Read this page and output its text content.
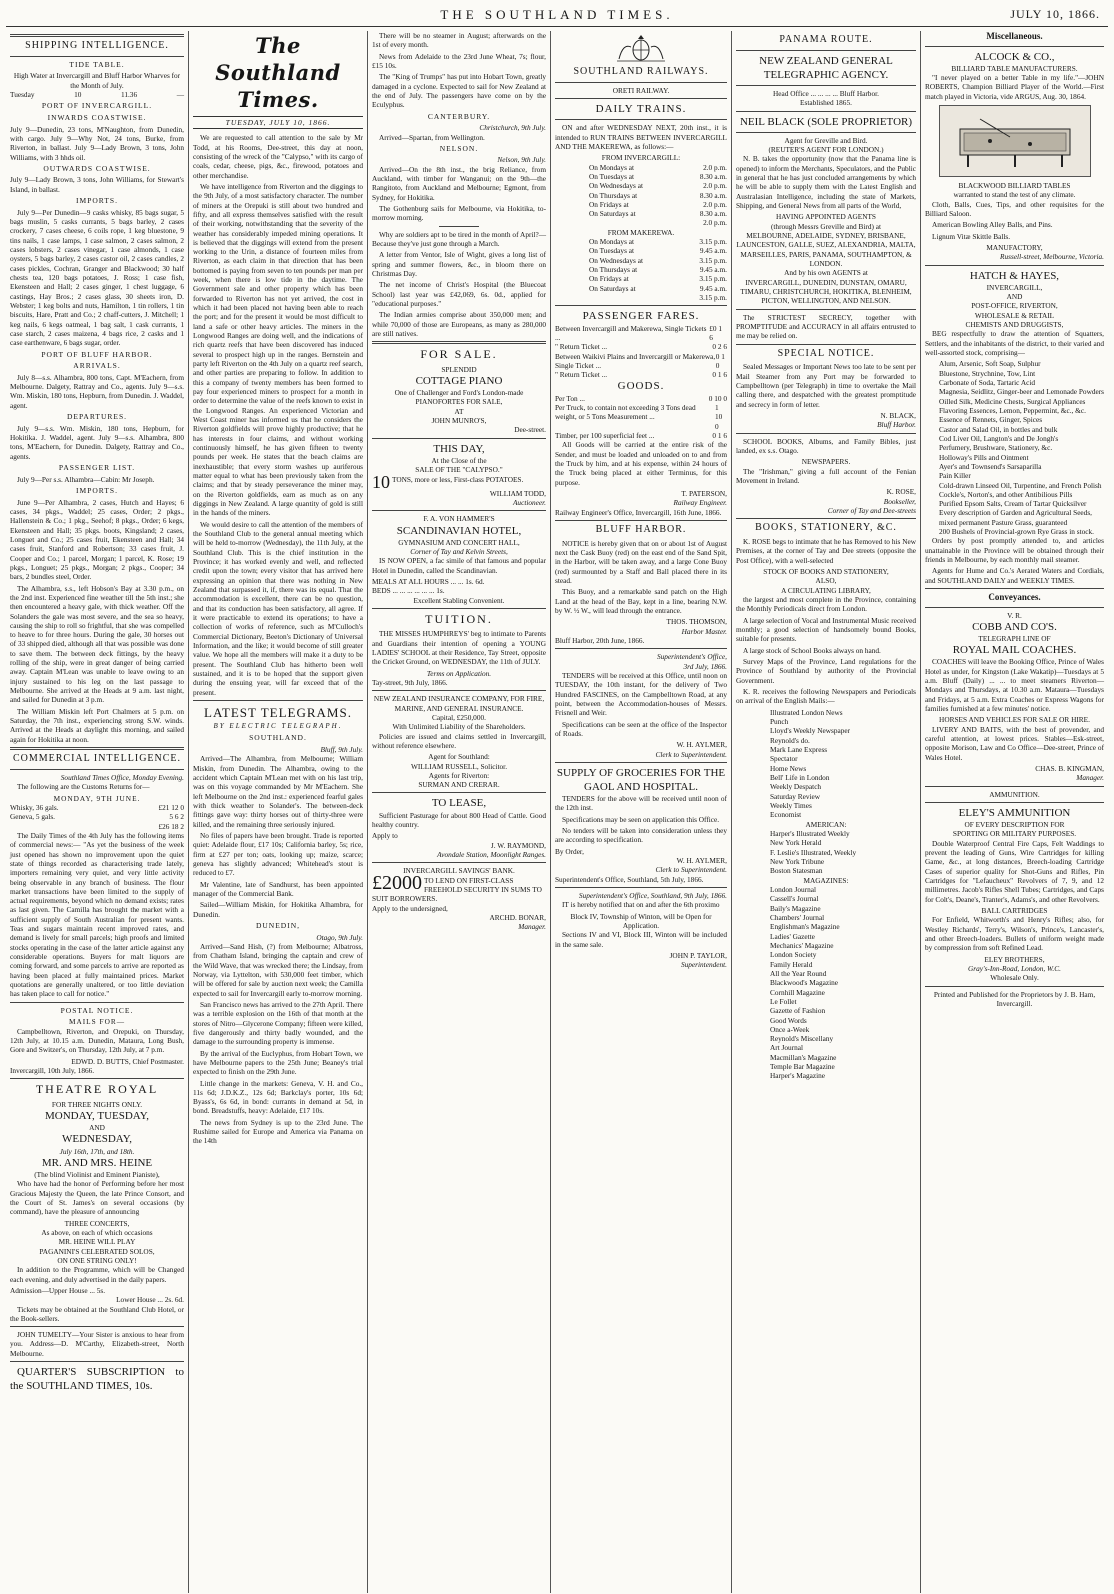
THE SOUTHLAND TIMES.	JULY 10, 1866.
SHIPPING INTELLIGENCE.
TIDE TABLE.
High Water at Invercargill and Bluff Harbor Wharves for the Month of July.
Tuesday	10	11.36	—
PORT OF INVERCARGILL.
INWARDS COASTWISE.

July 9—Dunedin, 23 tons, M'Naughton, from Dunedin, with cargo. July 9—Why Not, 24 tons, Burke, from Riverton, in ballast. July 9—Lady Brown, 3 tons, John Williams, with 3 hhds oil.

OUTWARDS COASTWISE.

July 9—Lady Brown, 3 tons, John Williams, for Stewart's Island, in ballast.

IMPORTS.

July 9—Per Dunedin—9 casks whisky, 85 bags sugar, 5 bags muslin, 5 casks currants, 5 bags barley, 2 cases crockery, 7 cases cheese, 6 coils rope, 1 keg bluestone, 9 tins nails, 1 case lamps, 1 case salmon, 2 cases salmon, 2 cases lobsters, 2 cases vinegar, 1 case almonds, 1 case oysters, 5 bags barley, 2 cases castor oil, 2 cases candles, 2 cases pickles, Cochran, Granger and Blackwood; 30 half chests tea, 120 bags potatoes, J. Ross; 1 case fish, Ekensteen and Hall; 2 cases ginger, 1 chest luggage, 6 castings, Hay Bros.; 2 cases glass, 30 sheets iron, D. Webster; 1 keg bolts and nuts, Hamilton, 1 tin rollers, 1 tin biscuits, Hare, Pratt and Co.; 2 chaff-cutters, J. Mitchell; 1 keg nails, 6 kegs oatmeal, 1 bag salt, 1 cask currants, 1 case starch, 2 cases maizena, 4 bags rice, 2 casks and 1 case earthenware, 6 bags sugar, order.

PORT OF BLUFF HARBOR.
ARRIVALS.

July 8—s.s. Alhambra, 800 tons, Capt. M'Eachern, from Melbourne. Dalgety, Rattray and Co., agents. July 9—s.s. Wm. Miskin, 180 tons, Hepburn, from Dunedin. J. Waddel, agent.

DEPARTURES.

July 9—s.s. Wm. Miskin, 180 tons, Hepburn, for Hokitika. J. Waddel, agent. July 9—s.s. Alhambra, 800 tons, M'Eachern, for Dunedin. Dalgety, Rattray and Co., agents.

PASSENGER LIST.

July 9—Per s.s. Alhambra—Cabin: Mr Joseph.

IMPORTS.

June 9—Per Alhambra, 2 cases, Hutch and Hayes; 6 cases, 34 pkgs., Waddel; 25 cases, Order; 2 pkgs., Hallenstein & Co.; 1 pkg., Seehof; 8 pkgs., Order; 6 kegs, Ekensteen and Hall; 35 pkgs. boots, Kingsland; 2 cases, Longuet and Co.; 25 cases fruit, Ekensteen and Hall; 34 cases fruit, Stanford and Robertson; 33 cases fruit, J. Cooper and Co.; 1 parcel, Morgan; 1 parcel, K. Rose; 19 pkgs., Longuet; 25 pkgs., Morgan; 2 pkgs., Cooper; 34 bars, 2 bundles steel, Order.

The Alhambra, s.s., left Hobson's Bay at 3.30 p.m., on the 2nd inst. Experienced fine weather till the 5th inst.; she then encountered a heavy gale, with thick weather. Off the Solanders the gale was most severe, and the sea so heavy, causing the ship to roll so frightful, that she was compelled to heave to for three hours. During the gale, 30 horses out of 33 shipped died, although all that was possible was done to save them. The between deck fittings, by the heavy rolling of the ship, were in great danger of being carried away. Captain M'Lean was unable to leave owing to an injury sustained to his leg on the last passage to Melbourne. She arrived at the Heads at 9 a.m. last night, and sailed for Dunedin at 3 p.m.

The William Miskin left Port Chalmers at 5 p.m. on Saturday, the 7th inst., experiencing strong S.W. winds. Arrived at the Heads at daylight this morning, and sailed again for Hokitika at noon.

COMMERCIAL INTELLIGENCE.
Southland Times Office, Monday Evening.

The following are the Customs Returns for—

MONDAY, 9TH JUNE.
Whisky, 36 gals.	£21 12 0
Geneva, 5 gals.	5 6 2
£26 18 2

The Daily Times of the 4th July has the following items of commercial news:— "As yet the business of the week just opened has shown no improvement upon the quiet state of things recorded as characterising trade lately, importers remaining very quiet, and very little activity being observable in any branch of business. The flour market transactions have been limited to the supply of actual requirements, beyond which no demand exists; rates as last given. The Camilla has brought the market with a sufficient supply of South Australian for present wants. Teas and sugars maintain recent improved rates, and demand is lively for small parcels; high proofs and limited stocks operating in the case of the latter article against any considerable operations. Buyers for malt liquors are coming forward, and some parcels to arrive are reported as having been placed at fully maintained prices. Market quotations are generally unaltered, or too little deviation has taken place to call for notice."

POSTAL NOTICE.
MAILS FOR—

Campbelltown, Riverton, and Orepuki, on Thursday, 12th July, at 10.15 a.m. Dunedin, Mataura, Long Bush, Gore and Switzer's, on Thursday, 12th July, at 7 p.m.

EDWD. D. BUTTS, Chief Postmaster.
Invercargill, 10th July, 1866.
THEATRE ROYAL
FOR THREE NIGHTS ONLY.
MONDAY, TUESDAY,
AND
WEDNESDAY,
July 16th, 17th, and 18th.
MR. AND MRS. HEINE
(The blind Violinist and Eminent Pianiste),

Who have had the honor of Performing before her most Gracious Majesty the Queen, the late Prince Consort, and the Court of St. James's on several occasions (by command), have the pleasure of announcing

THREE CONCERTS,
As above, on each of which occasions
MR. HEINE WILL PLAY
PAGANINI'S CELEBRATED SOLOS,
ON ONE STRING ONLY!

In addition to the Programme, which will be Changed each evening, and duly advertised in the daily papers.

Admission—Upper House ... 5s.
Lower House ... 2s. 6d.

Tickets may be obtained at the Southland Club Hotel, or the Book-sellers.

JOHN TUMELTY—Your Sister is anxious to hear from you. Address—D. M'Carthy, Elizabeth-street, North Melbourne.

QUARTER'S SUBSCRIPTION to the SOUTHLAND TIMES, 10s.

The Southland Times.
TUESDAY, JULY 10, 1866.

We are requested to call attention to the sale by Mr Todd, at his Rooms, Dee-street, this day at noon, consisting of the wreck of the "Calypso," with its cargo of coals, cedar, cheese, pigs, &c., firewood, potatoes and other merchandise.

We have intelligence from Riverton and the diggings to the 9th July, of a most satisfactory character. The number of miners at the Orepuki is still about two hundred and fifty, and all express themselves satisfied with the result of their working, notwithstanding that the severity of the weather has considerably impeded mining operations. It is believed that the diggings will extend from the present working to the Urin, a distance of fourteen miles from Riverton, as each claim in that direction that has been bottomed is paying from seven to ten pounds per man per week, when there is low tide in the daytime. The Government sale and other property which has been forwarded to Riverton has not yet arrived, the cost in which it had been placed not having been able to reach the port; and for the present it would be most difficult to land a safe or other heavy articles. The miners in the Longwood Ranges are doing well, and the indications of rich quartz reefs that have been discovered has induced several to prospect high up in the ranges. Bernstein and party left Riverton on the 4th July on a quartz reef search, and other parties are preparing to follow. In addition to this a company of twenty members has been formed to pay four experienced miners to prospect for a month in order to determine the value of the reefs known to exist in the Longwood Ranges. An experienced Victorian and West Coast miner has informed us that he considers the Riverton goldfields will prove highly productive; that he has interests in four claims, and without working continuously himself, he has given fifteen to twenty pounds per week. He states that the beach claims are inexhaustible; that every storm washes up auriferous matter equal to what has been previously taken from the claims; and that by steady perseverance the miner may, on the Riverton goldfields, earn as much as on any diggings in New Zealand. A large quantity of gold is still in the hands of the miners.

We would desire to call the attention of the members of the Southland Club to the general annual meeting which will be held to-morrow (Wednesday), the 11th July, at the Southland Club. This is the chief institution in the Province; it has worked evenly and well, and reflected credit upon the town; every visitor that has arrived here expressing an opinion that there was nothing in New Zealand that surpassed it, if, there was its equal. That the accommodation is excellent, there can be no question, and that its conduction has been satisfactory, all agree. If it were practicable to extend its operations; to have a collection of works of reference, such as M'Culloch's Commercial Dictionary, Beeton's Dictionary of Universal Information, and the like; it would become of still greater value. We hope all the members will make it a duty to be present. The Southland Club has hitherto been well sustained, and it is to be hoped that the support given during the ensuing year, will far exceed that of the present.

LATEST TELEGRAMS.
BY ELECTRIC TELEGRAPH.
SOUTHLAND.
Bluff, 9th July.

Arrived—The Alhambra, from Melbourne; William Miskin, from Dunedin. The Alhambra, owing to the accident which Captain M'Lean met with on his last trip, was on this voyage commanded by Mr M'Eachern. She left Melbourne on the 2nd inst.: experienced fearful gales with thick weather to Solander's. The between-deck fittings gave way: thirty horses out of thirty-three were killed, and the remaining three seriously injured.

No files of papers have been brought. Trade is reported quiet: Adelaide flour, £17 10s; California barley, 5s; rice, firm at £27 per ton; oats, looking up; maize, scarce; geneva has slightly advanced; Whitehead's stout is reduced to £7.

Mr Valentine, late of Sandhurst, has been appointed manager of the Commercial Bank.

Sailed—William Miskin, for Hokitika Alhambra, for Dunedin.

DUNEDIN,
Otago, 9th July.

Arrived—Sand Hish, (?) from Melbourne; Albatross, from Chatham Island, bringing the captain and crew of the Wild Wave, that was wrecked there; the Lindsay, from Norway, via Lyttelton, with 530,000 feet timber, which will be offered for sale by auction next week; the Camilla expected to sail for Invercargill early to-morrow morning.

San Francisco news has arrived to the 27th April. There was a terrible explosion on the 16th of that month at the stores of Nitro—Glycerone Company; fifteen were killed, five dangerously and thirty badly wounded, and the damage to the surrounding property is immense.

By the arrival of the Euclyphus, from Hobart Town, we have Melbourne papers to the 25th June; Beaney's trial expected to finish on the 29th June.

Little change in the markets: Geneva, V. H. and Co., 11s 6d; J.D.K.Z., 12s 6d; Barkclay's porter, 10s 6d; Byass's, 6s 6d, in bond: currants in demand at 5d, in bond. Breadstuffs, heavy: Adelaide, £17 10s.

The news from Sydney is up to the 23rd June. The Rushime sailed for Europe and America via Panama on the 14th

There will be no steamer in August; afterwards on the 1st of every month.

News from Adelaide to the 23rd June Wheat, 7s; flour, £15 10s.

The "King of Trumps" has put into Hobart Town, greatly damaged in a cyclone. Expected to sail for New Zealand at the end of July. The passengers have come on by the Eculyphus.

CANTERBURY.
Christchurch, 9th July.

Arrived—Spartan, from Wellington.

NELSON.
Nelson, 9th July.

Arrived—On the 8th inst., the brig Reliance, from Auckland, with timber for Wanganui; on the 9th—the Rangitoto, from Auckland and Melbourne; Egmont, from Sydney, for Hokitika.

The Gothenburg sails for Melbourne, via Hokitika, to-morrow morning.

Why are soldiers apt to be tired in the month of April?—Because they've just gone through a March.

A letter from Ventor, Isle of Wight, gives a long list of spring and summer flowers, &c., in bloom there on Christmas Day.

The net income of Christ's Hospital (the Bluecoat School) last year was £42,069, 6s. 0d., applied for "educational purposes."

The Indian armies comprise about 350,000 men; and while 70,000 of those are Europeans, as many as 280,000 are still natives.

FOR SALE.
SPLENDID
COTTAGE PIANO
One of Challenger and Ford's London-made PIANOFORTES FOR SALE,
AT
JOHN MUNRO'S,
Dee-street.
THIS DAY,
At the Close of the
SALE OF THE "CALYPSO."
10 TONS, more or less, First-class POTATOES.
WILLIAM TODD,
Auctioneer.
F. A. VON HAMMER'S
SCANDINAVIAN HOTEL,
GYMNASIUM AND CONCERT HALL,
Corner of Tay and Kelvin Streets,

IS NOW OPEN, a fac simile of that famous and popular Hotel in Dunedin, called the Scandinavian.

MEALS AT ALL HOURS ... ... 1s. 6d.
BEDS ... ... ... ... ... ... 1s.
Excellent Stabling Convenient.
TUITION.

THE MISSES HUMPHREYS' beg to intimate to Parents and Guardians their intention of opening a YOUNG LADIES' SCHOOL at their Residence, Tay Street, opposite the Cricket Ground, on WEDNESDAY, the 11th of JULY.

Terms on Application.
Tay-street, 9th July, 1866.
NEW ZEALAND INSURANCE COMPANY, FOR FIRE, MARINE, AND GENERAL INSURANCE.
Capital, £250,000.
With Unlimited Liability of the Shareholders.

Policies are issued and claims settled in Invercargill, without reference elsewhere.

Agent for Southland:
WILLIAM RUSSELL, Solicitor.
Agents for Riverton:
SURMAN AND CRERAR.
TO LEASE,

Sufficient Pasturage for about 800 Head of Cattle. Good healthy country.

Apply to
J. W. RAYMOND,
Avondale Station, Moonlight Ranges.
INVERCARGILL SAVINGS' BANK.
£2000 TO LEND ON FIRST-CLASS FREEHOLD SECURITY IN SUMS TO SUIT BORROWERS.
Apply to the undersigned,
ARCHD. BONAR,
Manager.
SOUTHLAND RAILWAYS.
ORETI RAILWAY.
DAILY TRAINS.

ON and after WEDNESDAY NEXT, 20th inst., it is intended to RUN TRAINS BETWEEN INVERCARGILL AND THE MAKEREWA, as follows:—

FROM INVERCARGILL:
On Mondays at	2.0 p.m.
On Tuesdays at	8.30 a.m.
On Wednesdays at	2.0 p.m.
On Thursdays at	8.30 a.m.
On Fridays at	2.0 p.m.
On Saturdays at	8.30 a.m.
2.0 p.m.
FROM MAKEREWA.
On Mondays at	3.15 p.m.
On Tuesdays at	9.45 a.m.
On Wednesdays at	3.15 p.m.
On Thursdays at	9.45 a.m.
On Fridays at	3.15 p.m.
On Saturdays at	9.45 a.m.
3.15 p.m.
PASSENGER FARES.
Between Invercargill and Makerewa, Single Tickets ...
£0 1 6
" Return Ticket ...	0 2 6
Between Waikivi Plains and Invercargill or Makerewa, Single Ticket ...
0 1 0
" Return Ticket ...	0 1 6
GOODS.
Per Ton ...	0 10 0
Per Truck, to contain not exceeding 3 Tons dead weight, or 5 Tons Measurement ...
1 10 0
Timber, per 100 superficial feet ...	0 1 6

All Goods will be carried at the entire risk of the Sender, and must be loaded and unloaded on to and from the Truck by him, and at his expense, within 24 hours of the Truck being placed at either Terminus, for this purpose.

T. PATERSON,
Railway Engineer.
Railway Engineer's Office, Invercargill, 16th June, 1866.
BLUFF HARBOR.

NOTICE is hereby given that on or about 1st of August next the Cask Buoy (red) on the east end of the Sand Spit, in the Harbor, will be taken away, and a large Cone Buoy (red) surmounted by a Staff and Ball placed there in its stead.

This Buoy, and a remarkable sand patch on the High Land at the head of the Bay, kept in a line, bearing N.W. by W. ½ W., will lead through the entrance.

THOS. THOMSON,
Harbor Master.
Bluff Harbor, 20th June, 1866.
Superintendent's Office,
3rd July, 1866.

TENDERS will be received at this Office, until noon on TUESDAY, the 10th instant, for the delivery of Two Hundred FASCINES, on the Campbelltown Road, at any point, between the Accommodation-houses of Messrs. Frisnell and Weir.

Specifications can be seen at the office of the Inspector of Roads.

W. H. AYLMER,
Clerk to Superintendent.
SUPPLY OF GROCERIES FOR THE GAOL AND HOSPITAL.

TENDERS for the above will be received until noon of the 12th inst.

Specifications may be seen on application this Office.

No tenders will be taken into consideration unless they are according to specification.

By Order,
W. H. AYLMER,
Clerk to Superintendent.
Superintendent's Office, Southland, 5th July, 1866.
Superintendent's Office, Southland, 9th July, 1866.

IT is hereby notified that on and after the 6th proximo

Block IV, Township of Winton, will be Open for Application.

Sections IV and VI, Block III, Winton will be included in the same sale.

JOHN P. TAYLOR,
Superintendent.
PANAMA ROUTE.
NEW ZEALAND GENERAL TELEGRAPHIC AGENCY.
Head Office ... ... ... ... Bluff Harbor.
Established 1865.
NEIL BLACK (SOLE PROPRIETOR)
Agent for Greville and Bird.
(REUTER'S AGENT FOR LONDON.)

N. B. takes the opportunity (now that the Panama line is opened) to inform the Merchants, Speculators, and the Public in general that he has just concluded arrangements by which he will be able to supply them with the Latest English and Australasian Intelligence, including the state of Markets, Shipping, and General News from all parts of the World,

HAVING APPOINTED AGENTS
(through Messrs Greville and Bird) at
MELBOURNE, ADELAIDE, SYDNEY, BRISBANE, LAUNCESTON, GALLE, SUEZ, ALEXANDRIA, MALTA, MARSEILLES, PARIS, PANAMA, SOUTHAMPTON, & LONDON.
And by his own AGENTS at
INVERCARGILL, DUNEDIN, DUNSTAN, OMARU, TIMARU, CHRISTCHURCH, HOKITIKA, BLENHEIM, PICTON, WELLINGTON, AND NELSON.

The STRICTEST SECRECY, together with PROMPTITUDE and ACCURACY in all affairs entrusted to me may be relied on.

SPECIAL NOTICE.

Sealed Messages or Important News too late to be sent per Mail Steamer from any Port may be forwarded to Campbelltown (per Telegraph) in time to overtake the Mail calling there, and despatched with the greatest promptitude and secrecy in form of letter.

N. BLACK,
Bluff Harbor.

SCHOOL BOOKS, Albums, and Family Bibles, just landed, ex s.s. Otago.

NEWSPAPERS.

The "Irishman," giving a full account of the Fenian Movement in Ireland.

K. ROSE,
Bookseller,
Corner of Tay and Dee-streets
BOOKS, STATIONERY, &C.

K. ROSE begs to intimate that he has Removed to his New Premises, at the corner of Tay and Dee streets (opposite the Post Office), with a well-selected

STOCK OF BOOKS AND STATIONERY,
ALSO,
A CIRCULATING LIBRARY,

the largest and most complete in the Province, containing the Monthly Periodicals direct from London.

A large selection of Vocal and Instrumental Music received monthly; a good selection of handsomely bound Books, suitable for presents.

A large stock of School Books always on hand.

Survey Maps of the Province, Land regulations for the Province of Southland by authority of the Provincial Government.

K. R. receives the following Newspapers and Periodicals on arrival of the English Mails:—

Illustrated London News
Punch
Lloyd's Weekly Newspaper
Reynold's do.
Mark Lane Express
Spectator
Home News
Bell' Life in London
Weekly Despatch
Saturday Review
Weekly Times
Economist
AMERICAN:
Harper's Illustrated Weekly
New York Herald
F. Leslie's Illustrated, Weekly
New York Tribune
Boston Statesman
MAGAZINES:
London Journal
Cassell's Journal
Baily's Magazine
Chambers' Journal
Englishman's Magazine
Ladies' Gazette
Mechanics' Magazine
London Society
Family Herald
All the Year Round
Blackwood's Magazine
Cornhill Magazine
Le Follet
Gazette of Fashion
Good Words
Once a-Week
Reynold's Miscellany
Art Journal
Macmillan's Magazine
Temple Bar Magazine
Harper's Magazine
Miscellaneous.
ALCOCK & CO.,
BILLIARD TABLE MANUFACTURERS.

"I never played on a better Table in my life."—JOHN ROBERTS, Champion Billiard Player of the World.—First match played in Victoria, vide ARGUS, Aug. 30, 1864.

BLACKWOOD BILLIARD TABLES
warranted to stand the test of any climate.

Cloth, Balls, Cues, Tips, and other requisites for the Billiard Saloon.

American Bowling Alley Balls, and Pins.

Lignum Vitæ Skittle Balls.

MANUFACTORY,
Russell-street, Melbourne, Victoria.
HATCH & HAYES,
INVERCARGILL,
AND
POST-OFFICE, RIVERTON,
WHOLESALE & RETAIL
CHEMISTS AND DRUGGISTS,

BEG respectfully to draw the attention of Squatters, Settlers, and the inhabitants of the district, to their varied and well-assorted stock, comprising—

Alum, Arsenic, Soft Soap, Sulphur
Bluestone, Strychnine, Tow, Lint
Carbonate of Soda, Tartaric Acid
Magnesia, Seidlitz, Ginger-beer and Lemonade Powders
Oilled Silk, Medicine Chests, Surgical Appliances
Flavoring Essences, Lemon, Peppermint, &c., &c.
Essence of Rennets, Ginger, Spices
Castor and Salad Oil, in bottles and bulk
Cod Liver Oil, Langton's and De Jongh's
Perfumery, Brushware, Stationery, &c.
Holloway's Pills and Ointment
Ayer's and Townsend's Sarsaparilla
Pain Killer
Cold-drawn Linseed Oil, Turpentine, and French Polish
Cockle's, Norton's, and other Antibilious Pills
Purified Epsom Salts, Cream of Tartar Quicksilver
Every description of Garden and Agricultural Seeds, mixed permanent Pasture Grass, guaranteed
200 Bushels of Provincial-grown Rye Grass in stock.

Orders by post promptly attended to, and articles unattainable in the Province will be obtained through their friends in Melbourne, by each monthly mail steamer.

Agents for Hume and Co.'s Aerated Waters and Cordials, and SOUTHLAND DAILY and WEEKLY TIMES.

Conveyances.
V. R.
COBB AND CO'S.
TELEGRAPH LINE OF
ROYAL MAIL COACHES.

COACHES will leave the Booking Office, Prince of Wales Hotel as under, for Kingston (Lake Wakatip)—Tuesdays at 5 a.m. Bluff (Daily) ... ... to meet steamers Riverton—Mondays and Thursdays, at 10.30 a.m. Mataura—Tuesdays and Fridays, at 5 a.m. Extra Coaches or Express Wagons for families furnished at a few minutes' notice.

HORSES AND VEHICLES FOR SALE OR HIRE.

LIVERY AND BAITS, with the best of provender, and careful attention, at lowest prices. Stables—Esk-street, opposite Morison, Law and Co Office—Dee-street, Prince of Wales Hotel.

CHAS. B. KINGMAN,
Manager.
AMMUNITION.
ELEY'S AMMUNITION
OF EVERY DESCRIPTION FOR
SPORTING OR MILITARY PURPOSES.

Double Waterproof Central Fire Caps, Felt Waddings to prevent the leading of Guns, Wire Cartridges for killing Game, &c., at long distances, Breech-loading Cartridge Cases of superior quality for Shot-Guns and Rifles, Pin Cartridges for "Lefaucheux" Revolvers of 7, 9, and 12 millimetres. Jacob's Rifles Shell Tubes; Cartridges, and Caps for Colt's, Deane's, Tranter's, Adams's, and other Revolvers.

BALL CARTRIDGES

For Enfield, Whitworth's and Henry's Rifles; also, for Westley Richards', Terry's, Wilson's, Prince's, Lancaster's, and other Breech-loaders. Bullets of uniform weight made by compression from soft Refined Lead.

ELEY BROTHERS,
Gray's-Inn-Road, London, W.C.
Wholesale Only.
Printed and Published for the Proprietors by J. B. Ham, Invercargill.
